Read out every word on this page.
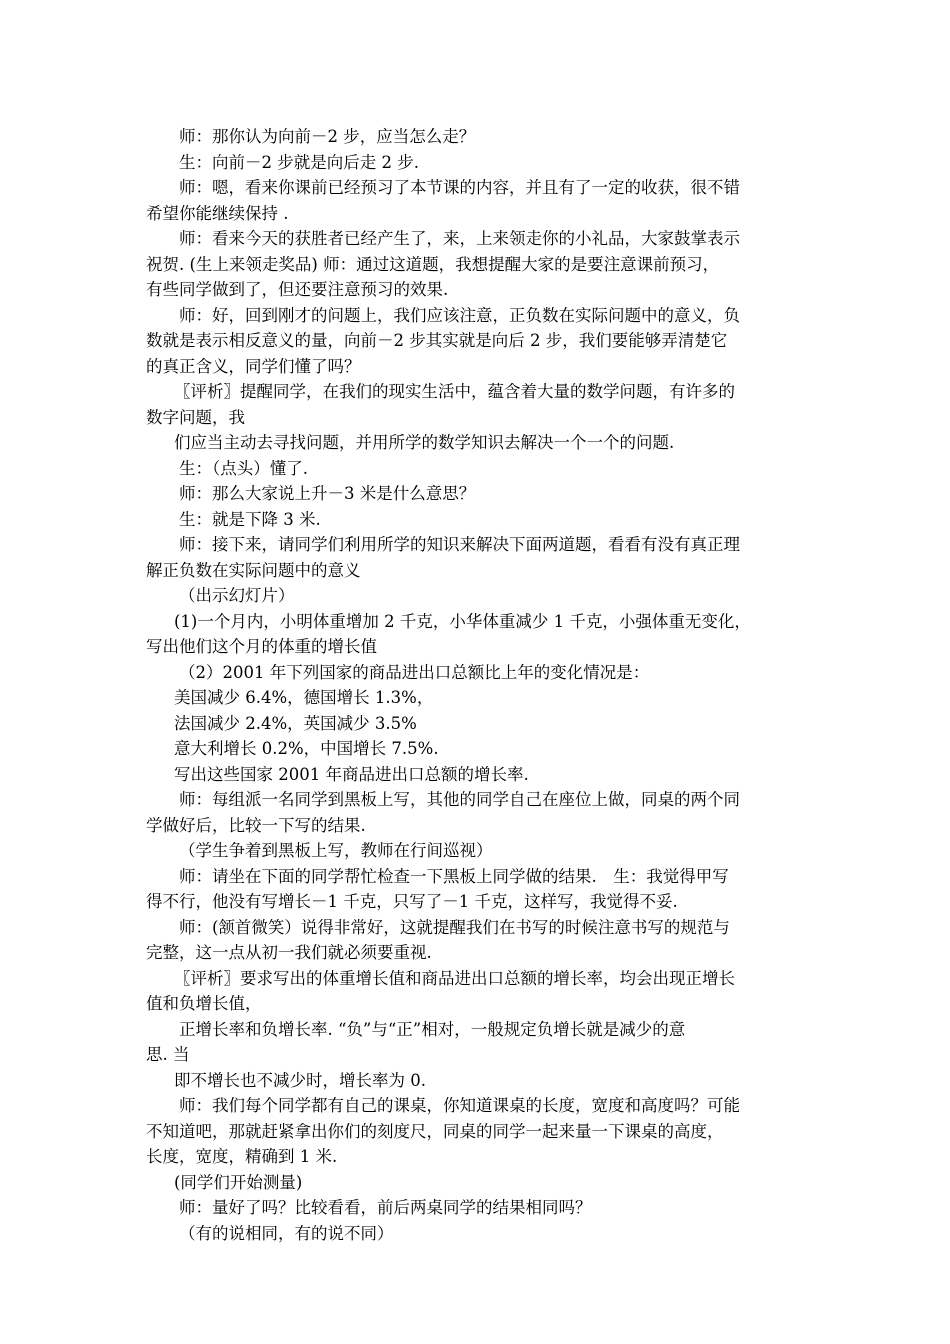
师：那你认为向前－2 步，应当怎么走？

生：向前－2 步就是向后走 2 步.

师：嗯，看来你课前已经预习了本节课的内容，并且有了一定的收获，很不错

希望你能继续保持 .

师：看来今天的获胜者已经产生了，来，上来领走你的小礼品，大家鼓掌表示

祝贺. (生上来领走奖品) 师：通过这道题，我想提醒大家的是要注意课前预习，

有些同学做到了，但还要注意预习的效果.

师：好，回到刚才的问题上，我们应该注意，正负数在实际问题中的意义，负

数就是表示相反意义的量，向前－2 步其实就是向后 2 步，我们要能够弄清楚它

的真正含义，同学们懂了吗？

〖评析〗提醒同学，在我们的现实生活中，蕴含着大量的数学问题，有许多的

数字问题，我

们应当主动去寻找问题，并用所学的数学知识去解决一个一个的问题.

生：（点头）懂了.

师：那么大家说上升－3 米是什么意思？

生：就是下降 3 米.

师：接下来，请同学们利用所学的知识来解决下面两道题，看看有没有真正理

解正负数在实际问题中的意义

（出示幻灯片）

(1)一个月内，小明体重增加 2 千克，小华体重减少 1 千克，小强体重无变化，

写出他们这个月的体重的增长值

（2）2001 年下列国家的商品进出口总额比上年的变化情况是：

美国减少 6.4%，德国增长 1.3%，

法国减少 2.4%，英国减少 3.5%

意大利增长 0.2%，中国增长 7.5%.

写出这些国家 2001 年商品进出口总额的增长率.

师：每组派一名同学到黑板上写，其他的同学自己在座位上做，同桌的两个同

学做好后，比较一下写的结果.

（学生争着到黑板上写，教师在行间巡视）

师：请坐在下面的同学帮忙检查一下黑板上同学做的结果.　生：我觉得甲写

得不行，他没有写增长－1 千克，只写了－1 千克，这样写，我觉得不妥.

师：(颔首微笑）说得非常好，这就提醒我们在书写的时候注意书写的规范与

完整，这一点从初一我们就必须要重视.

〖评析〗要求写出的体重增长值和商品进出口总额的增长率，均会出现正增长

值和负增长值，

正增长率和负增长率. “负”与“正”相对，一般规定负增长就是减少的意

思. 当

即不增长也不减少时，增长率为 0.

师：我们每个同学都有自己的课桌，你知道课桌的长度，宽度和高度吗？可能

不知道吧，那就赶紧拿出你们的刻度尺，同桌的同学一起来量一下课桌的高度，

长度，宽度，精确到 1 米.

(同学们开始测量)

师：量好了吗？比较看看，前后两桌同学的结果相同吗？

（有的说相同，有的说不同）
